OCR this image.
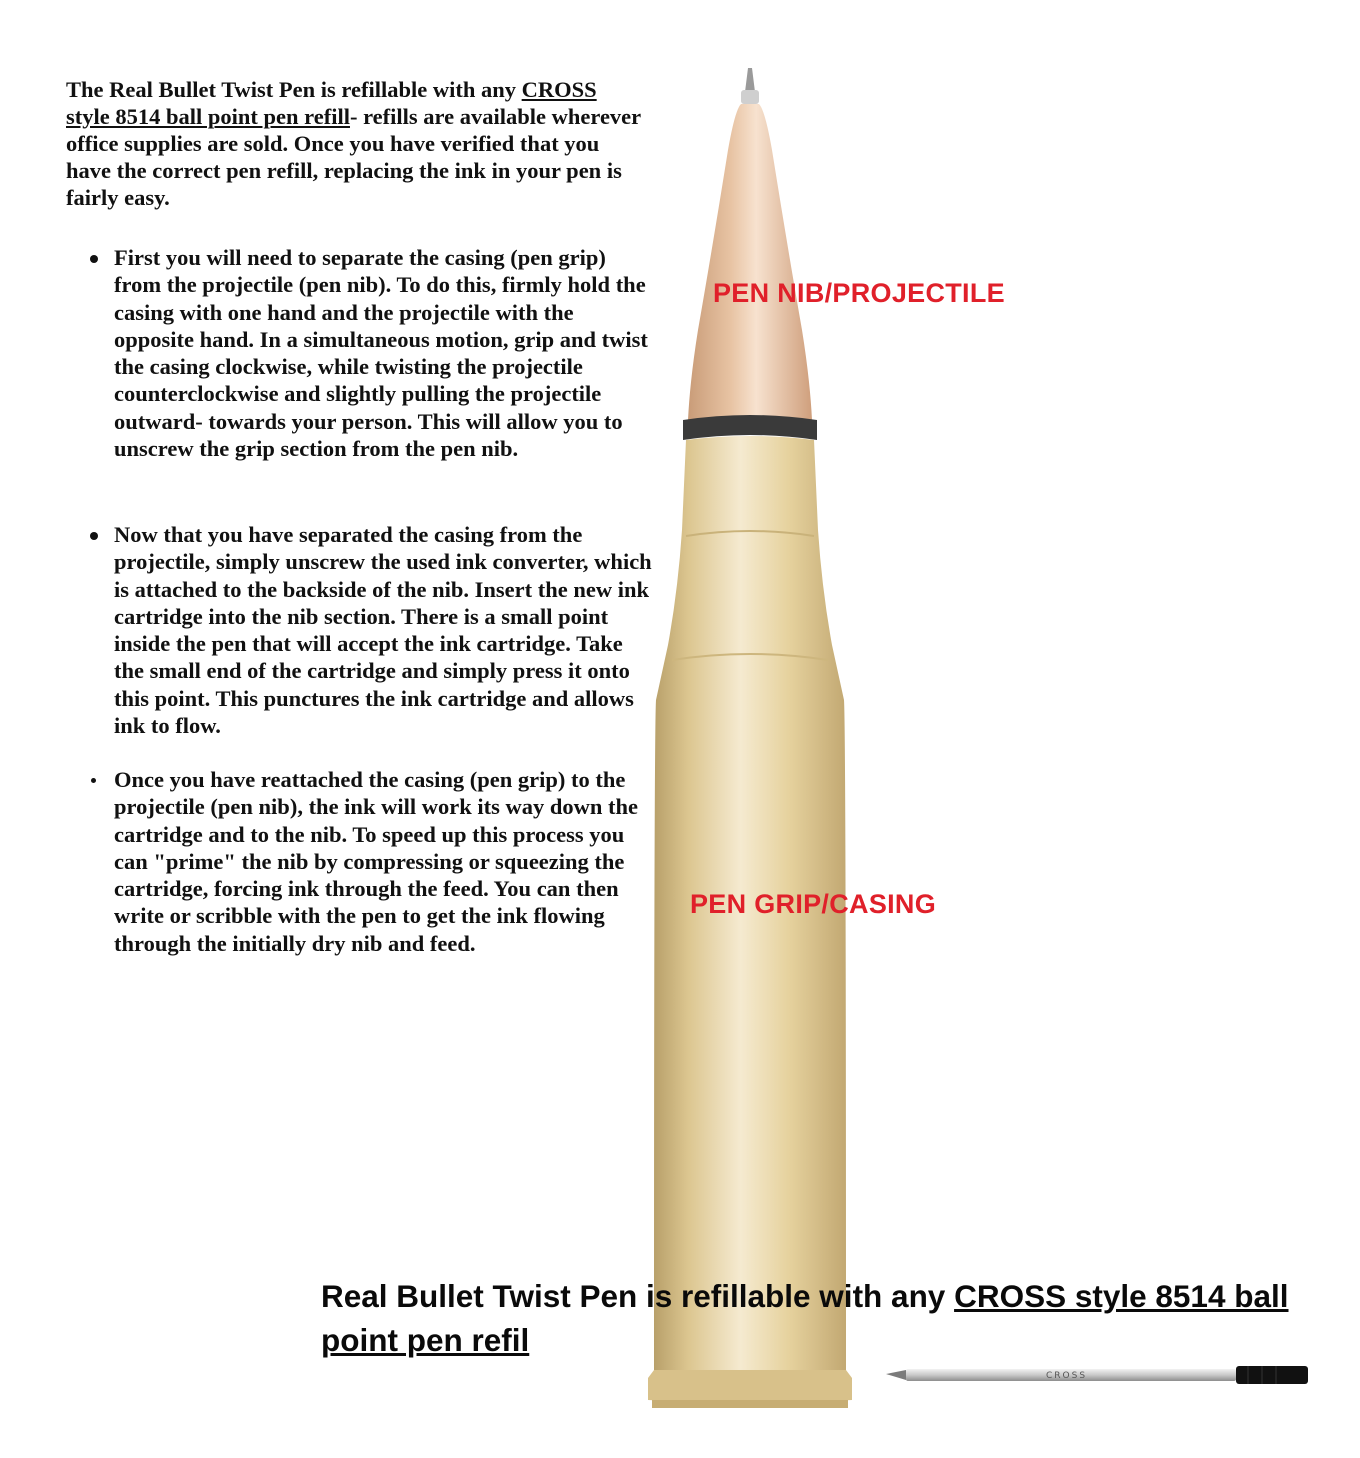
CROSS

The Real Bullet Twist Pen is refillable with any CROSS style 8514 ball point pen refill- refills are available wherever office supplies are sold. Once you have verified that you have the correct pen refill, replacing the ink in your pen is fairly easy.

First you will need to separate the casing (pen grip) from the projectile (pen nib). To do this, firmly hold the casing with one hand and the projectile with the opposite hand. In a simultaneous motion, grip and twist the casing clockwise, while twisting the projectile counterclockwise and slightly pulling the projectile outward- towards your person. This will allow you to unscrew the grip section from the pen nib.
Now that you have separated the casing from the projectile, simply unscrew the used ink converter, which is attached to the backside of the nib. Insert the new ink cartridge into the nib section. There is a small point inside the pen that will accept the ink cartridge. Take the small end of the cartridge and simply press it onto this point. This punctures the ink cartridge and allows ink to flow.
Once you have reattached the casing (pen grip) to the projectile (pen nib), the ink will work its way down the cartridge and to the nib. To speed up this process you can "prime" the nib by compressing or squeezing the cartridge, forcing ink through the feed. You can then write or scribble with the pen to get the ink flowing through the initially dry nib and feed.
PEN NIB/PROJECTILE
PEN GRIP/CASING

Real Bullet Twist Pen is refillable with any CROSS style 8514 ball point pen refil
